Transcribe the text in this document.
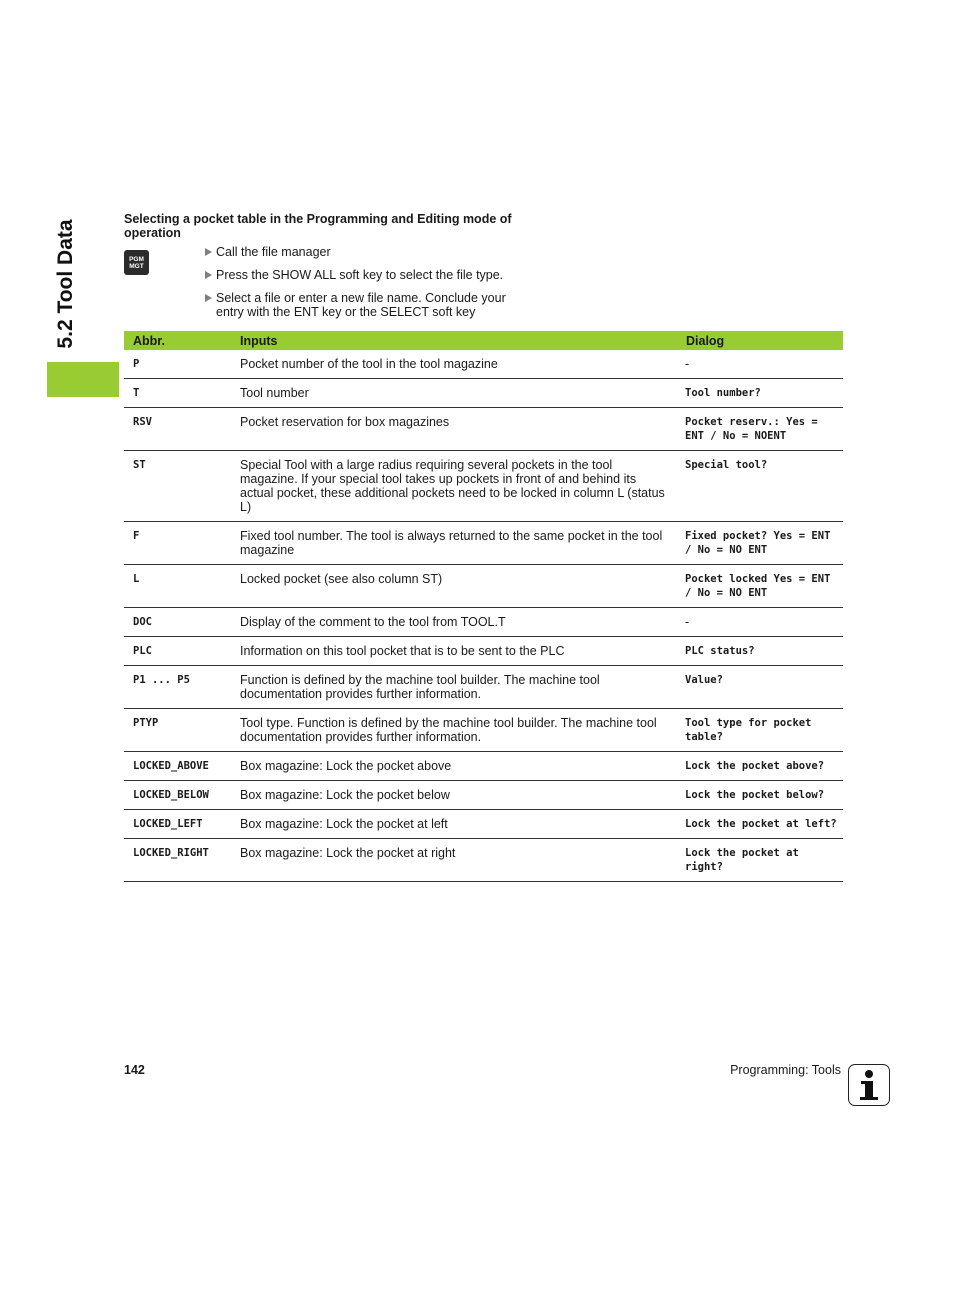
5.2 Tool Data
Selecting a pocket table in the Programming and Editing mode of operation
PGM
MGT
Call the file manager
Press the SHOW ALL soft key to select the file type.
Select a file or enter a new file name. Conclude your entry with the ENT key or the SELECT soft key
Abbr.	Inputs	Dialog
P	Pocket number of the tool in the tool magazine	-
T	Tool number	Tool number?
RSV	Pocket reservation for box magazines	Pocket reserv.: Yes = ENT / No = NOENT
ST	Special Tool with a large radius requiring several pockets in the tool magazine. If your special tool takes up pockets in front of and behind its actual pocket, these additional pockets need to be locked in column L (status L)	Special tool?
F	Fixed tool number. The tool is always returned to the same pocket in the tool magazine	Fixed pocket? Yes = ENT / No = NO ENT
L	Locked pocket (see also column ST)	Pocket locked Yes = ENT / No = NO ENT
DOC	Display of the comment to the tool from TOOL.T	-
PLC	Information on this tool pocket that is to be sent to the PLC	PLC status?
P1 ... P5	Function is defined by the machine tool builder. The machine tool documentation provides further information.	Value?
PTYP	Tool type. Function is defined by the machine tool builder. The machine tool documentation provides further information.	Tool type for pocket table?
LOCKED_ABOVE	Box magazine: Lock the pocket above	Lock the pocket above?
LOCKED_BELOW	Box magazine: Lock the pocket below	Lock the pocket below?
LOCKED_LEFT	Box magazine: Lock the pocket at left	Lock the pocket at left?
LOCKED_RIGHT	Box magazine: Lock the pocket at right	Lock the pocket at right?
142	Programming: Tools
